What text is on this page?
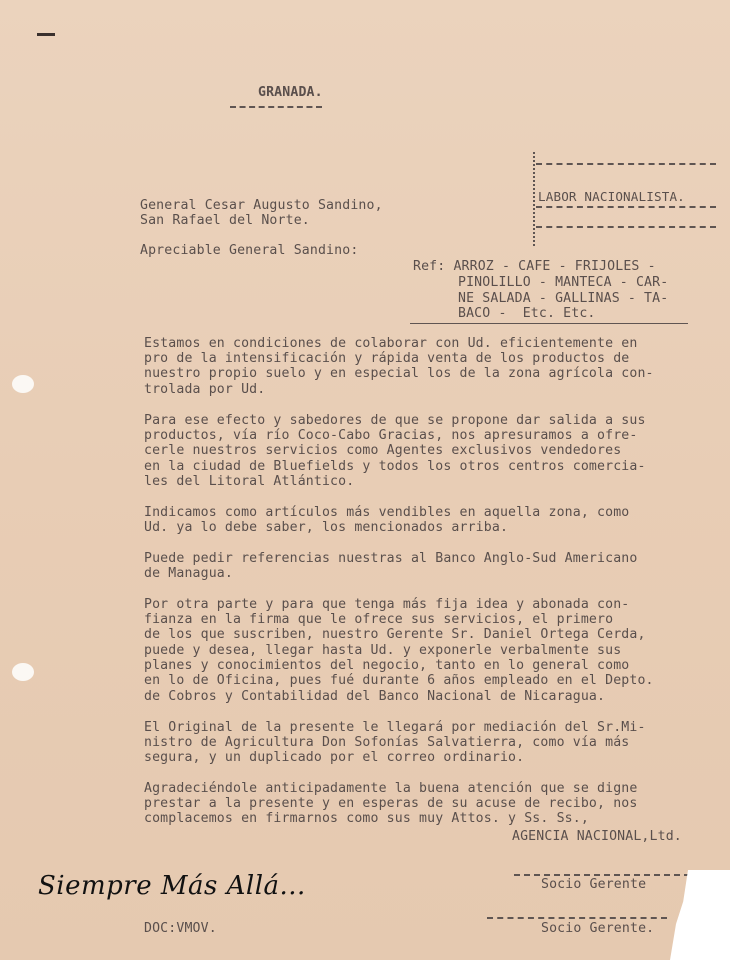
GRANADA.
LABOR NACIONALISTA.
General Cesar Augusto Sandino,
San Rafael del Norte.
Apreciable General Sandino:
Ref: ARROZ - CAFE - FRIJOLES -
PINOLILLO - MANTECA - CAR-
NE SALADA - GALLINAS - TA-
BACO -  Etc. Etc.
Estamos en condiciones de colaborar con Ud. eficientemente en
pro de la intensificación y rápida venta de los productos de
nuestro propio suelo y en especial los de la zona agrícola con-
trolada por Ud.
Para ese efecto y sabedores de que se propone dar salida a sus
productos, vía río Coco-Cabo Gracias, nos apresuramos a ofre-
cerle nuestros servicios como Agentes exclusivos vendedores
en la ciudad de Bluefields y todos los otros centros comercia-
les del Litoral Atlántico.
Indicamos como artículos más vendibles en aquella zona, como
Ud. ya lo debe saber, los mencionados arriba.
Puede pedir referencias nuestras al Banco Anglo-Sud Americano
de Managua.
Por otra parte y para que tenga más fija idea y abonada con-
fianza en la firma que le ofrece sus servicios, el primero
de los que suscriben, nuestro Gerente Sr. Daniel Ortega Cerda,
puede y desea, llegar hasta Ud. y exponerle verbalmente sus
planes y conocimientos del negocio, tanto en lo general como
en lo de Oficina, pues fué durante 6 años empleado en el Depto.
de Cobros y Contabilidad del Banco Nacional de Nicaragua.
El Original de la presente le llegará por mediación del Sr.Mi-
nistro de Agricultura Don Sofonías Salvatierra, como vía más
segura, y un duplicado por el correo ordinario.
Agradeciéndole anticipadamente la buena atención que se digne
prestar a la presente y en esperas de su acuse de recibo, nos
complacemos en firmarnos como sus muy Attos. y Ss. Ss.,
AGENCIA NACIONAL,Ltd.
Socio Gerente
Socio Gerente.
DOC:VMOV.
Siempre Más Allá...
